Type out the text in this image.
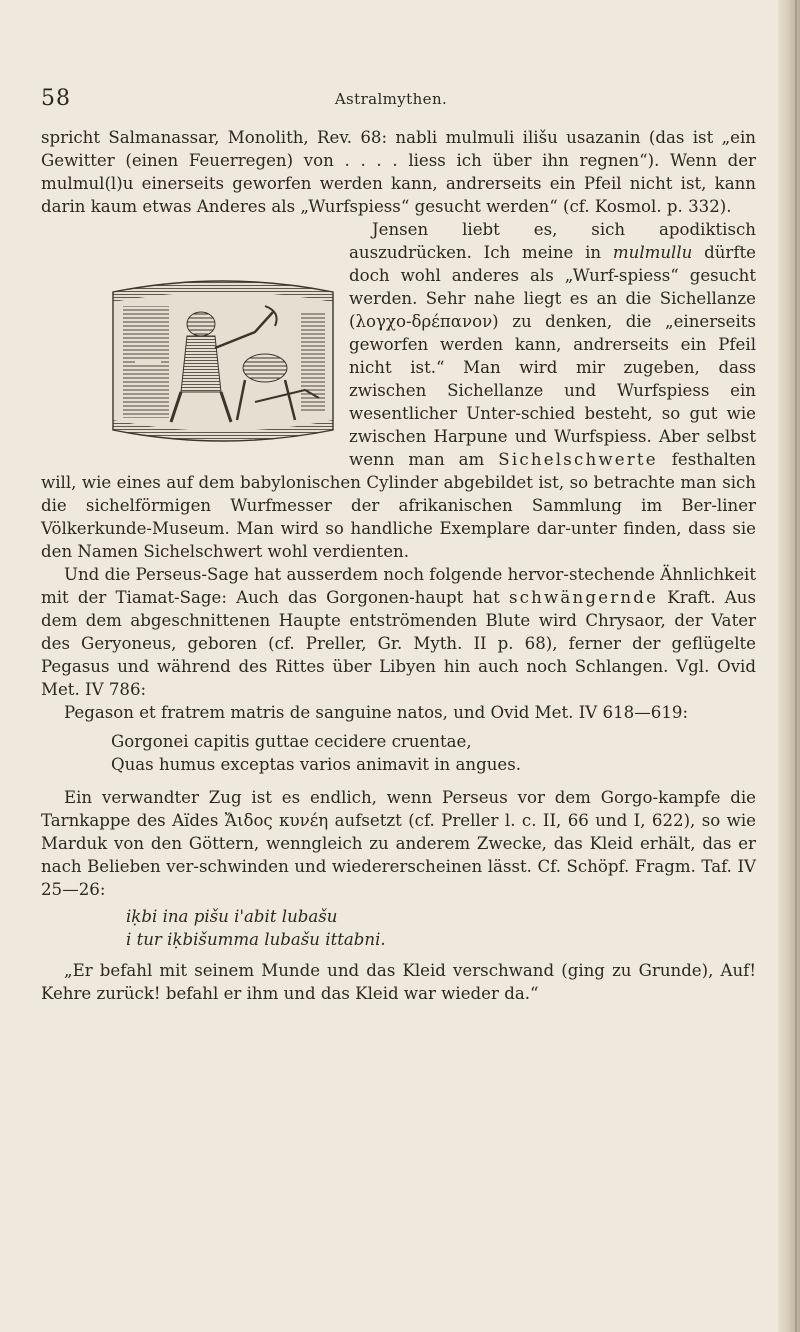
58	Astralmythen.

spricht Salmanassar, Monolith, Rev. 68: nabli mulmuli ilišu usazanin (das ist „ein Gewitter (einen Feuerregen) von . . . . liess ich über ihn regnen“). Wenn der mulmul(l)u einerseits geworfen werden kann, andrerseits ein Pfeil nicht ist, kann darin kaum etwas Anderes als „Wurfspiess“ gesucht werden“ (cf. Kosmol. p. 332).

Jensen liebt es, sich apodiktisch auszudrücken. Ich meine in mulmullu dürfte doch wohl anderes als „Wurf-spiess“ gesucht werden. Sehr nahe liegt es an die Sichellanze (λογχο-δρέπανον) zu denken, die „einerseits geworfen werden kann, andrerseits ein Pfeil nicht ist.“ Man wird mir zugeben, dass zwischen Sichellanze und Wurfspiess ein wesentlicher Unter-schied besteht, so gut wie zwischen Harpune und Wurfspiess. Aber selbst wenn man am Sichelschwerte festhalten will, wie eines auf dem babylonischen Cylinder abgebildet ist, so betrachte man sich die sichelförmigen Wurfmesser der afrikanischen Sammlung im Ber-liner Völkerkunde-Museum. Man wird so handliche Exemplare dar-unter finden, dass sie den Namen Sichelschwert wohl verdienten.

Und die Perseus-Sage hat ausserdem noch folgende hervor-stechende Ähnlichkeit mit der Tiamat-Sage: Auch das Gorgonen-haupt hat schwängernde Kraft. Aus dem dem abgeschnittenen Haupte entströmenden Blute wird Chrysaor, der Vater des Geryoneus, geboren (cf. Preller, Gr. Myth. II p. 68), ferner der geflügelte Pegasus und während des Rittes über Libyen hin auch noch Schlangen. Vgl. Ovid Met. IV 786:

Pegason et fratrem matris de sanguine natos, und Ovid Met. IV 618—619:

Gorgonei capitis guttae cecidere cruentae,
Quas humus exceptas varios animavit in angues.

Ein verwandter Zug ist es endlich, wenn Perseus vor dem Gorgo-kampfe die Tarnkappe des Aïdes Ἄιδος κυνέη aufsetzt (cf. Preller l. c. II, 66 und I, 622), so wie Marduk von den Göttern, wenngleich zu anderem Zwecke, das Kleid erhält, das er nach Belieben ver-schwinden und wiedererscheinen lässt. Cf. Schöpf. Fragm. Taf. IV 25—26:

iḳbi ina pišu i'abit lubašu
i tur iḳbišumma lubašu ittabni.

„Er befahl mit seinem Munde und das Kleid verschwand (ging zu Grunde), Auf! Kehre zurück! befahl er ihm und das Kleid war wieder da.“
